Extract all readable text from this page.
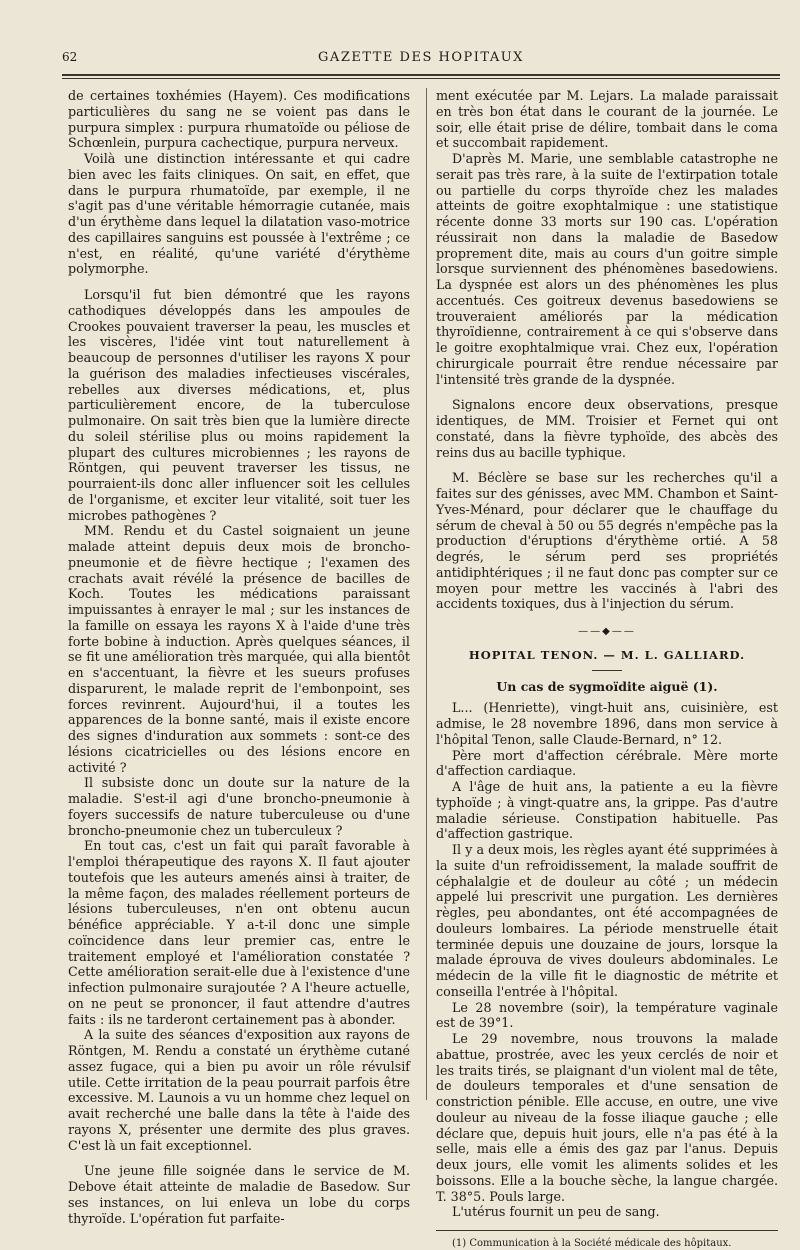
62	GAZETTE DES HOPITAUX

de certaines toxhémies (Hayem). Ces modifications particulières du sang ne se voient pas dans le purpura simplex : purpura rhumatoïde ou péliose de Schœnlein, purpura cachectique, purpura nerveux.

Voilà une distinction intéressante et qui cadre bien avec les faits cliniques. On sait, en effet, que dans le purpura rhumatoïde, par exemple, il ne s'agit pas d'une véritable hémorragie cutanée, mais d'un érythème dans lequel la dilatation vaso-motrice des capillaires sanguins est poussée à l'extrême ; ce n'est, en réalité, qu'une variété d'érythème polymorphe.

Lorsqu'il fut bien démontré que les rayons cathodiques développés dans les ampoules de Crookes pouvaient traverser la peau, les muscles et les viscères, l'idée vint tout naturellement à beaucoup de personnes d'utiliser les rayons X pour la guérison des maladies infectieuses viscérales, rebelles aux diverses médications, et, plus particulièrement encore, de la tuberculose pulmonaire. On sait très bien que la lumière directe du soleil stérilise plus ou moins rapidement la plupart des cultures microbiennes ; les rayons de Röntgen, qui peuvent traverser les tissus, ne pourraient-ils donc aller influencer soit les cellules de l'organisme, et exciter leur vitalité, soit tuer les microbes pathogènes ?

MM. Rendu et du Castel soignaient un jeune malade atteint depuis deux mois de broncho-pneumonie et de fièvre hectique ; l'examen des crachats avait révélé la présence de bacilles de Koch. Toutes les médications paraissant impuissantes à enrayer le mal ; sur les instances de la famille on essaya les rayons X à l'aide d'une très forte bobine à induction. Après quelques séances, il se fit une amélioration très marquée, qui alla bientôt en s'accentuant, la fièvre et les sueurs profuses disparurent, le malade reprit de l'embonpoint, ses forces revinrent. Aujourd'hui, il a toutes les apparences de la bonne santé, mais il existe encore des signes d'induration aux sommets : sont-ce des lésions cicatricielles ou des lésions encore en activité ?

Il subsiste donc un doute sur la nature de la maladie. S'est-il agi d'une broncho-pneumonie à foyers successifs de nature tuberculeuse ou d'une broncho-pneumonie chez un tuberculeux ?

En tout cas, c'est un fait qui paraît favorable à l'emploi thérapeutique des rayons X. Il faut ajouter toutefois que les auteurs amenés ainsi à traiter, de la même façon, des malades réellement porteurs de lésions tuberculeuses, n'en ont obtenu aucun bénéfice appréciable. Y a-t-il donc une simple coïncidence dans leur premier cas, entre le traitement employé et l'amélioration constatée ? Cette amélioration serait-elle due à l'existence d'une infection pulmonaire surajoutée ? A l'heure actuelle, on ne peut se prononcer, il faut attendre d'autres faits : ils ne tarderont certainement pas à abonder.

A la suite des séances d'exposition aux rayons de Röntgen, M. Rendu a constaté un érythème cutané assez fugace, qui a bien pu avoir un rôle révulsif utile. Cette irritation de la peau pourrait parfois être excessive. M. Launois a vu un homme chez lequel on avait recherché une balle dans la tête à l'aide des rayons X, présenter une dermite des plus graves. C'est là un fait exceptionnel.

Une jeune fille soignée dans le service de M. Debove était atteinte de maladie de Basedow. Sur ses instances, on lui enleva un lobe du corps thyroïde. L'opération fut parfaite-

ment exécutée par M. Lejars. La malade paraissait en très bon état dans le courant de la journée. Le soir, elle était prise de délire, tombait dans le coma et succombait rapidement.

D'après M. Marie, une semblable catastrophe ne serait pas très rare, à la suite de l'extirpation totale ou partielle du corps thyroïde chez les malades atteints de goitre exophtalmique : une statistique récente donne 33 morts sur 190 cas. L'opération réussirait non dans la maladie de Basedow proprement dite, mais au cours d'un goitre simple lorsque surviennent des phénomènes basedowiens. La dyspnée est alors un des phénomènes les plus accentués. Ces goitreux devenus basedowiens se trouveraient améliorés par la médication thyroïdienne, contrairement à ce qui s'observe dans le goitre exophtalmique vrai. Chez eux, l'opération chirurgicale pourrait être rendue nécessaire par l'intensité très grande de la dyspnée.

Signalons encore deux observations, presque identiques, de MM. Troisier et Fernet qui ont constaté, dans la fièvre typhoïde, des abcès des reins dus au bacille typhique.

M. Béclère se base sur les recherches qu'il a faites sur des génisses, avec MM. Chambon et Saint-Yves-Ménard, pour déclarer que le chauffage du sérum de cheval à 50 ou 55 degrés n'empêche pas la production d'éruptions d'érythème ortié. A 58 degrés, le sérum perd ses propriétés antidiphtériques ; il ne faut donc pas compter sur ce moyen pour mettre les vaccinés à l'abri des accidents toxiques, dus à l'injection du sérum.

——◆——
HOPITAL TENON. — M. L. GALLIARD.
Un cas de sygmoïdite aiguë (1).

L... (Henriette), vingt-huit ans, cuisinière, est admise, le 28 novembre 1896, dans mon service à l'hôpital Tenon, salle Claude-Bernard, n° 12.

Père mort d'affection cérébrale. Mère morte d'affection cardiaque.

A l'âge de huit ans, la patiente a eu la fièvre typhoïde ; à vingt-quatre ans, la grippe. Pas d'autre maladie sérieuse. Constipation habituelle. Pas d'affection gastrique.

Il y a deux mois, les règles ayant été supprimées à la suite d'un refroidissement, la malade souffrit de céphalalgie et de douleur au côté ; un médecin appelé lui prescrivit une purgation. Les dernières règles, peu abondantes, ont été accompagnées de douleurs lombaires. La période menstruelle était terminée depuis une douzaine de jours, lorsque la malade éprouva de vives douleurs abdominales. Le médecin de la ville fit le diagnostic de métrite et conseilla l'entrée à l'hôpital.

Le 28 novembre (soir), la température vaginale est de 39°1.

Le 29 novembre, nous trouvons la malade abattue, prostrée, avec les yeux cerclés de noir et les traits tirés, se plaignant d'un violent mal de tête, de douleurs temporales et d'une sensation de constriction pénible. Elle accuse, en outre, une vive douleur au niveau de la fosse iliaque gauche ; elle déclare que, depuis huit jours, elle n'a pas été à la selle, mais elle a émis des gaz par l'anus. Depuis deux jours, elle vomit les aliments solides et les boissons. Elle a la bouche sèche, la langue chargée. T. 38°5. Pouls large.

L'utérus fournit un peu de sang.

(1) Communication à la Société médicale des hôpitaux.
